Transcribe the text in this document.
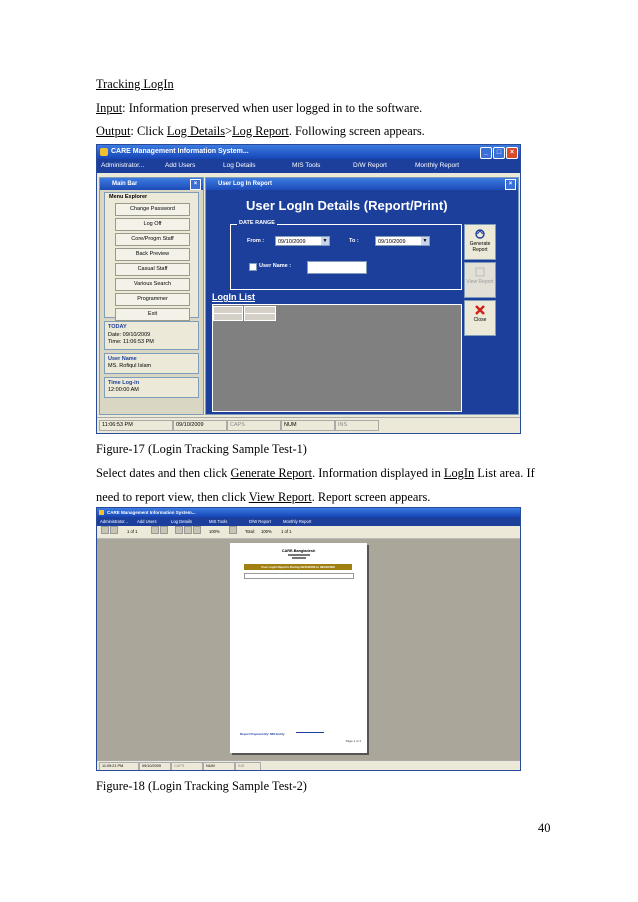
Tracking LogIn
Input: Information preserved when user logged in to the software.
Output: Click Log Details>Log Report. Following screen appears.
CARE Management Information System...	_	□	×
Administrator...	Add Users	Log Details	MIS Tools	D/W Report	Monthly Report
Main Bar	×
Menu Explorer
Change Password
Log Off
Core/Progm Staff
Back Preview
Casual Staff
Various Search
Programmer
Exit
TODAY
Date: 09/10/2009
Time: 11:06:53 PM
User Name
MS. Rofiqul Islam
Time Log-in
12:00:00 AM
User Log In Report	×
User LogIn Details (Report/Print)
DATE RANGE
From :	09/10/2009	▼	To :	09/10/2009	▼
User Name :
LogIn List
Generate Report
View Report
Close
11:06:53 PM	09/10/2009	CAPS	NUM	INS
Figure-17 (Login Tracking Sample Test-1)
Select dates and then click Generate Report. Information displayed in LogIn List area. If
need to report view, then click View Report. Report screen appears.
CARE Management Information System...
Administrator... Add Users	Log Details	MIS Tools	D/W Report	Monthly Report
1 of 1	100%	Total: 100% 1 of 1
CARE-Bangladesh
User LogIn Reports During 09/10/2009 to 09/10/2009
Report Prepared By: MIS Entity
Page 1 of 1
11:09:21 PM	09/10/2009	CAPS	NUM	INS
Figure-18 (Login Tracking Sample Test-2)
40
